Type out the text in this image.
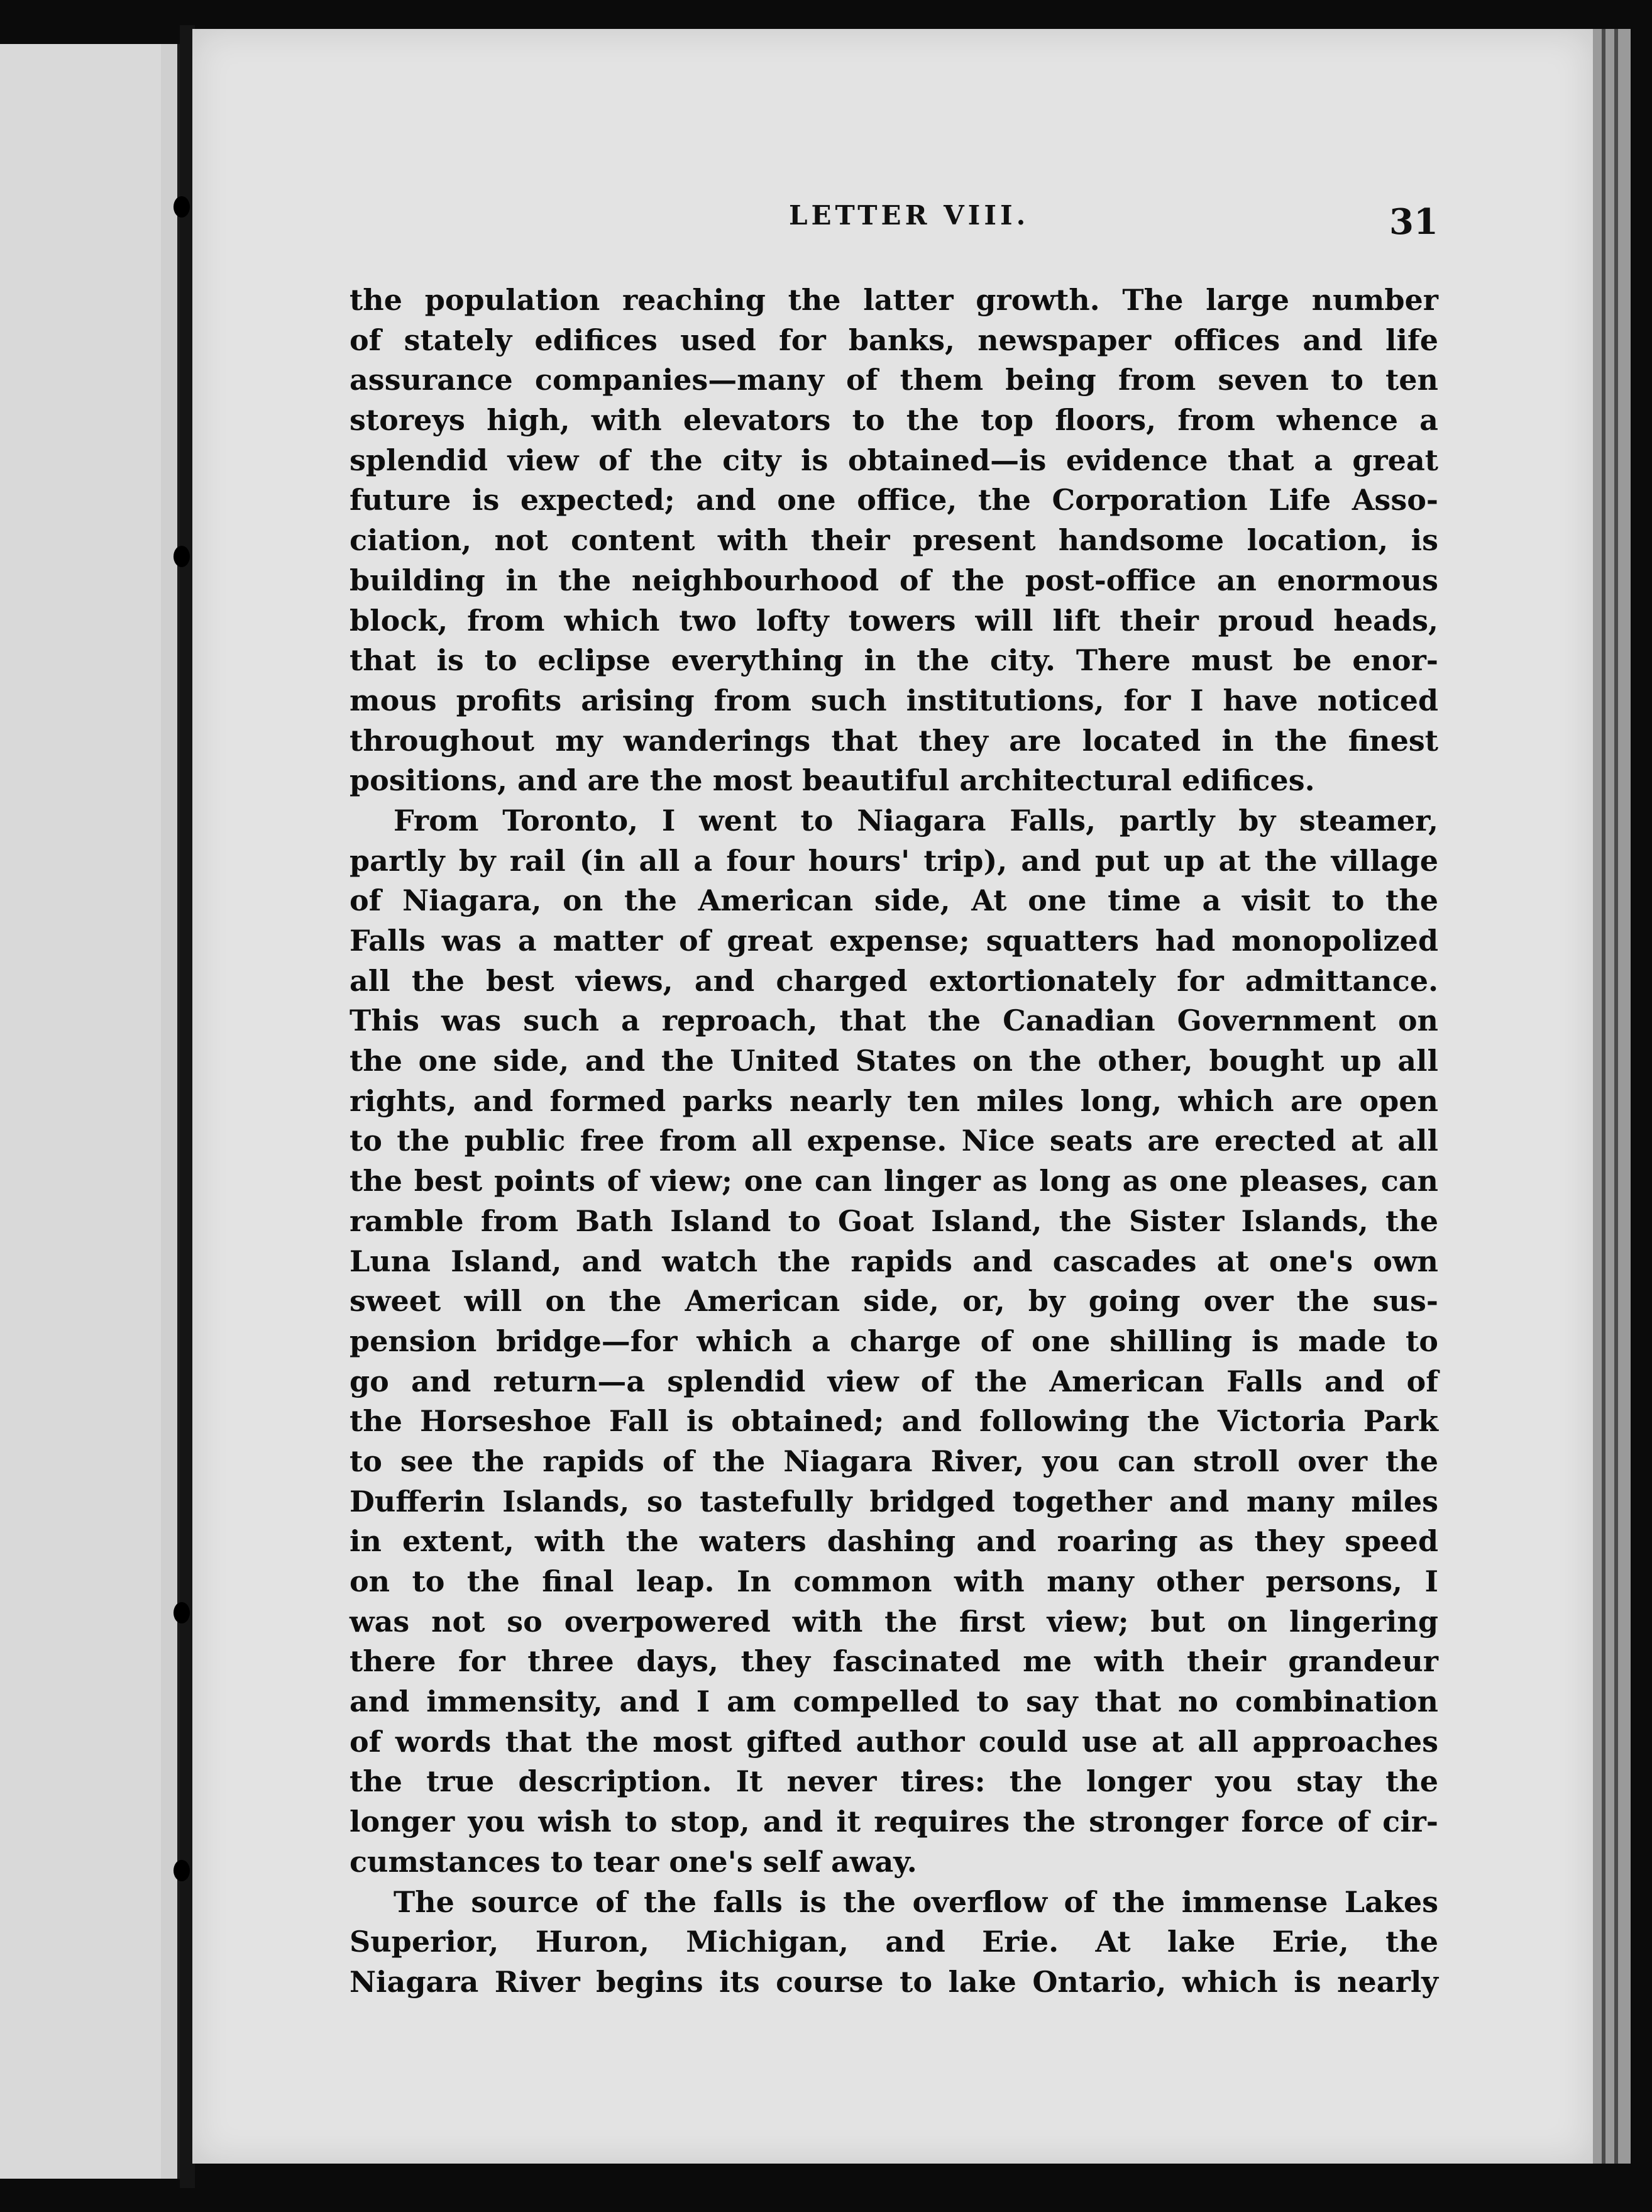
LETTER VIII.	31
the population reaching the latter growth. The large number
of stately edifices used for banks, newspaper offices and life
assurance companies—many of them being from seven to ten
storeys high, with elevators to the top floors, from whence a
splendid view of the city is obtained—is evidence that a great
future is expected; and one office, the Corporation Life Asso-
ciation, not content with their present handsome location, is
building in the neighbourhood of the post-office an enormous
block, from which two lofty towers will lift their proud heads,
that is to eclipse everything in the city. There must be enor-
mous profits arising from such institutions, for I have noticed
throughout my wanderings that they are located in the finest
positions, and are the most beautiful architectural edifices.
From Toronto, I went to Niagara Falls, partly by steamer,
partly by rail (in all a four hours' trip), and put up at the village
of Niagara, on the American side, At one time a visit to the
Falls was a matter of great expense; squatters had monopolized
all the best views, and charged extortionately for admittance.
This was such a reproach, that the Canadian Government on
the one side, and the United States on the other, bought up all
rights, and formed parks nearly ten miles long, which are open
to the public free from all expense. Nice seats are erected at all
the best points of view; one can linger as long as one pleases, can
ramble from Bath Island to Goat Island, the Sister Islands, the
Luna Island, and watch the rapids and cascades at one's own
sweet will on the American side, or, by going over the sus-
pension bridge—for which a charge of one shilling is made to
go and return—a splendid view of the American Falls and of
the Horseshoe Fall is obtained; and following the Victoria Park
to see the rapids of the Niagara River, you can stroll over the
Dufferin Islands, so tastefully bridged together and many miles
in extent, with the waters dashing and roaring as they speed
on to the final leap. In common with many other persons, I
was not so overpowered with the first view; but on lingering
there for three days, they fascinated me with their grandeur
and immensity, and I am compelled to say that no combination
of words that the most gifted author could use at all approaches
the true description. It never tires: the longer you stay the
longer you wish to stop, and it requires the stronger force of cir-
cumstances to tear one's self away.
The source of the falls is the overflow of the immense Lakes
Superior, Huron, Michigan, and Erie. At lake Erie, the
Niagara River begins its course to lake Ontario, which is nearly
